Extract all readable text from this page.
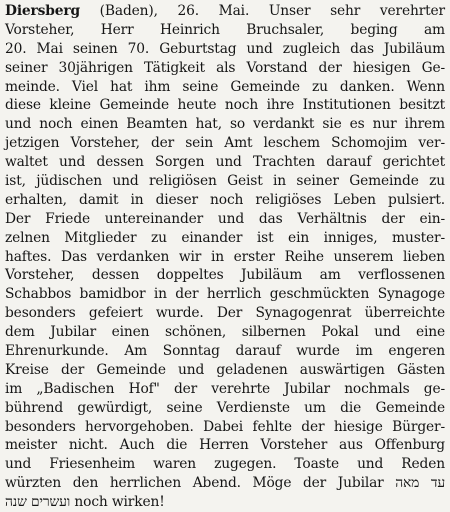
Diersberg (Baden), 26. Mai. Unser sehr verehrter
Vorsteher, Herr Heinrich Bruchsaler, beging am
20. Mai seinen 70. Geburtstag und zugleich das Jubiläum
seiner 30jährigen Tätigkeit als Vorstand der hiesigen Ge-
meinde. Viel hat ihm seine Gemeinde zu danken. Wenn
diese kleine Gemeinde heute noch ihre Institutionen besitzt
und noch einen Beamten hat, so verdankt sie es nur ihrem
jetzigen Vorsteher, der sein Amt leschem Schomojim ver-
waltet und dessen Sorgen und Trachten darauf gerichtet
ist, jüdischen und religiösen Geist in seiner Gemeinde zu
erhalten, damit in dieser noch religiöses Leben pulsiert.
Der Friede untereinander und das Verhältnis der ein-
zelnen Mitglieder zu einander ist ein inniges, muster-
haftes. Das verdanken wir in erster Reihe unserem lieben
Vorsteher, dessen doppeltes Jubiläum am verflossenen
Schabbos bamidbor in der herrlich geschmückten Synagoge
besonders gefeiert wurde. Der Synagogenrat überreichte
dem Jubilar einen schönen, silbernen Pokal und eine
Ehrenurkunde. Am Sonntag darauf wurde im engeren
Kreise der Gemeinde und geladenen auswärtigen Gästen
im „Badischen Hof" der verehrte Jubilar nochmals ge-
bührend gewürdigt, seine Verdienste um die Gemeinde
besonders hervorgehoben. Dabei fehlte der hiesige Bürger-
meister nicht. Auch die Herren Vorsteher aus Offenburg
und Friesenheim waren zugegen. Toaste und Reden
würzten den herrlichen Abend. Möge der Jubilar עד מאה
ועשרים שנה noch wirken!
